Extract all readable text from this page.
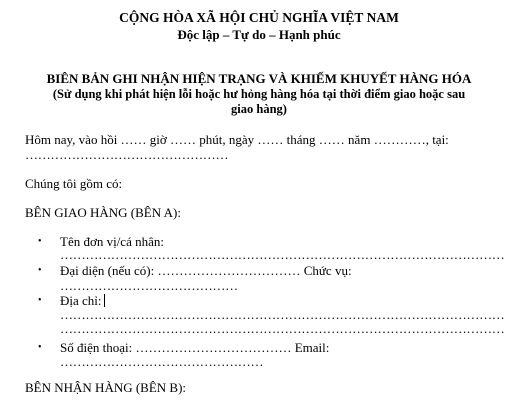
CỘNG HÒA XÃ HỘI CHỦ NGHĨA VIỆT NAM
Độc lập – Tự do – Hạnh phúc
BIÊN BẢN GHI NHẬN HIỆN TRẠNG VÀ KHIẾM KHUYẾT HÀNG HÓA
(Sử dụng khi phát hiện lỗi hoặc hư hỏng hàng hóa tại thời điểm giao hoặc sau
giao hàng)
Hôm nay, vào hồi …… giờ …… phút, ngày …… tháng …… năm …………, tại:
…………………………………………
Chúng tôi gồm có:
BÊN GIAO HÀNG (BÊN A):
• Tên đơn vị/cá nhân:
……………………………………………………………………………………………
• Đại diện (nếu có): …………………………… Chức vụ:
……………………………………
• Địa chỉ:
……………………………………………………………………………………………
……………………………………………………………………………………………
• Số điện thoại: ……………………………… Email:
…………………………………………
BÊN NHẬN HÀNG (BÊN B):
